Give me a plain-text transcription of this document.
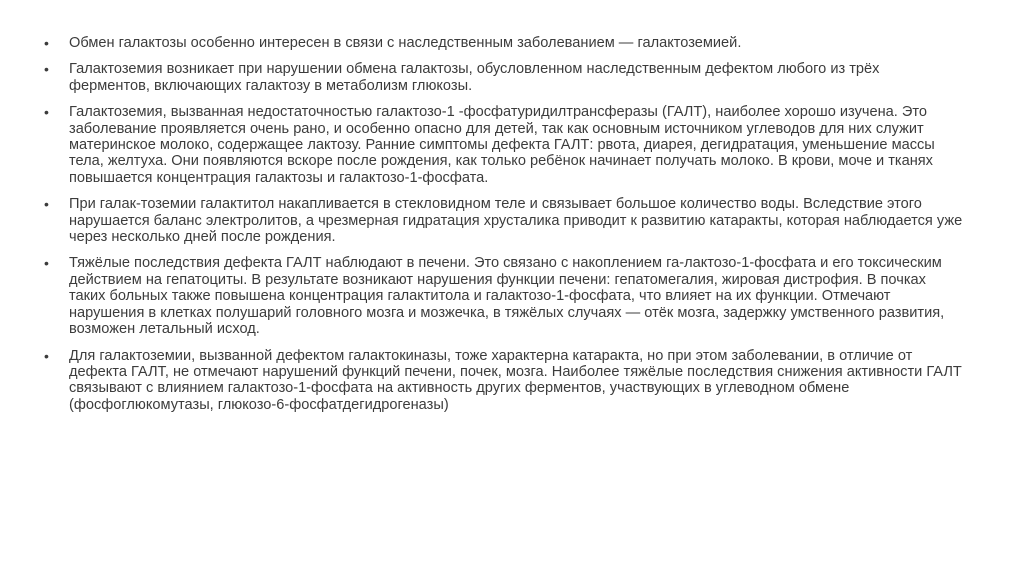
• Обмен галактозы особенно интересен в связи с наследственным заболеванием — галактоземией.
• Галактоземия возникает при нарушении обмена галактозы, обусловленном наследственным дефектом любого из трёх ферментов, включающих галактозу в метаболизм глюкозы.
• Галактоземия, вызванная недостаточностью галактозо-1 -фосфатуридилтрансферазы (ГАЛТ), наиболее хорошо изучена. Это заболевание проявляется очень рано, и особенно опасно для детей, так как основным источником углеводов для них служит материнское молоко, содержащее лактозу. Ранние симптомы дефекта ГАЛТ: рвота, диарея, дегидратация, уменьшение массы тела, желтуха. Они появляются вскоре после рождения, как только ребёнок начинает получать молоко. В крови, моче и тканях повышается концентрация галактозы и галактозо-1-фосфата.
• При галак-тоземии галактитол накапливается в стекловидном теле и связывает большое количество воды. Вследствие этого нарушается баланс электролитов, а чрезмерная гидратация хрусталика приводит к развитию катаракты, которая наблюдается уже через несколько дней после рождения.
• Тяжёлые последствия дефекта ГАЛТ наблюдают в печени. Это связано с накоплением га-лактозо-1-фосфата и его токсическим действием на гепатоциты. В результате возникают нарушения функции печени: гепатомегалия, жировая дистрофия. В почках таких больных также повышена концентрация галактитола и галактозо-1-фосфата, что влияет на их функции. Отмечают нарушения в клетках полушарий головного мозга и мозжечка, в тяжёлых случаях — отёк мозга, задержку умственного развития, возможен летальный исход.
• Для галактоземии, вызванной дефектом галактокиназы, тоже характерна катаракта, но при этом заболевании, в отличие от дефекта ГАЛТ, не отмечают нарушений функций печени, почек, мозга. Наиболее тяжёлые последствия снижения активности ГАЛТ связывают с влиянием галактозо-1-фосфата на активность других ферментов, участвующих в углеводном обмене (фосфоглюкомутазы, глюкозо-6-фосфатдегидрогеназы)
